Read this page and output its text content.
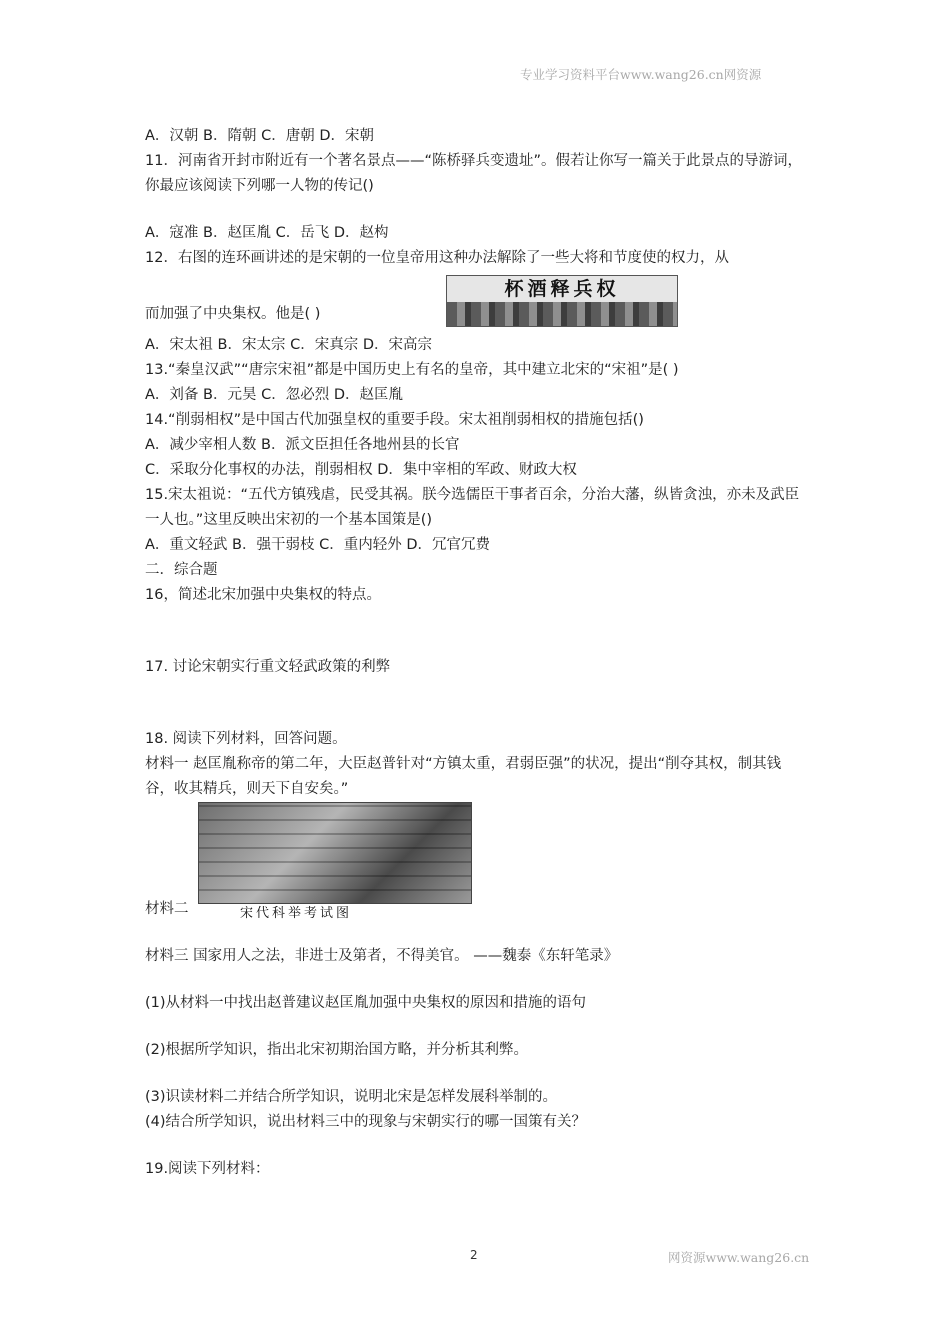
专业学习资料平台www.wang26.cn网资源
A．汉朝 B．隋朝 C．唐朝 D．宋朝
11．河南省开封市附近有一个著名景点——“陈桥驿兵变遗址”。假若让你写一篇关于此景点的导游词，你最应该阅读下列哪一人物的传记()
A．寇准 B．赵匡胤 C．岳飞 D．赵构
12．右图的连环画讲述的是宋朝的一位皇帝用这种办法解除了一些大将和节度使的权力，从
而加强了中央集权。他是( )
杯酒释兵权
A．宋太祖 B．宋太宗 C．宋真宗 D．宋高宗
13.“秦皇汉武”“唐宗宋祖”都是中国历史上有名的皇帝，其中建立北宋的“宋祖”是( )
A．刘备 B．元昊 C．忽必烈 D．赵匡胤
14.“削弱相权”是中国古代加强皇权的重要手段。宋太祖削弱相权的措施包括()
A．减少宰相人数 B．派文臣担任各地州县的长官
C．采取分化事权的办法，削弱相权 D．集中宰相的军政、财政大权
15.宋太祖说：“五代方镇残虐，民受其祸。朕今选儒臣干事者百余，分治大藩，纵皆贪浊，亦未及武臣一人也。”这里反映出宋初的一个基本国策是()
A．重文轻武 B．强干弱枝 C．重内轻外 D．冗官冗费
二．综合题
16，简述北宋加强中央集权的特点。
17. 讨论宋朝实行重文轻武政策的利弊
18. 阅读下列材料，回答问题。
材料一 赵匡胤称帝的第二年，大臣赵普针对“方镇太重，君弱臣强”的状况，提出“削夺其权，制其钱谷，收其精兵，则天下自安矣。”
宋代科举考试图
材料二
材料三 国家用人之法，非进士及第者，不得美官。 ——魏泰《东轩笔录》
(1)从材料一中找出赵普建议赵匡胤加强中央集权的原因和措施的语句
(2)根据所学知识，指出北宋初期治国方略，并分析其利弊。
(3)识读材料二并结合所学知识，说明北宋是怎样发展科举制的。
(4)结合所学知识，说出材料三中的现象与宋朝实行的哪一国策有关？
19.阅读下列材料：
2	网资源www.wang26.cn
